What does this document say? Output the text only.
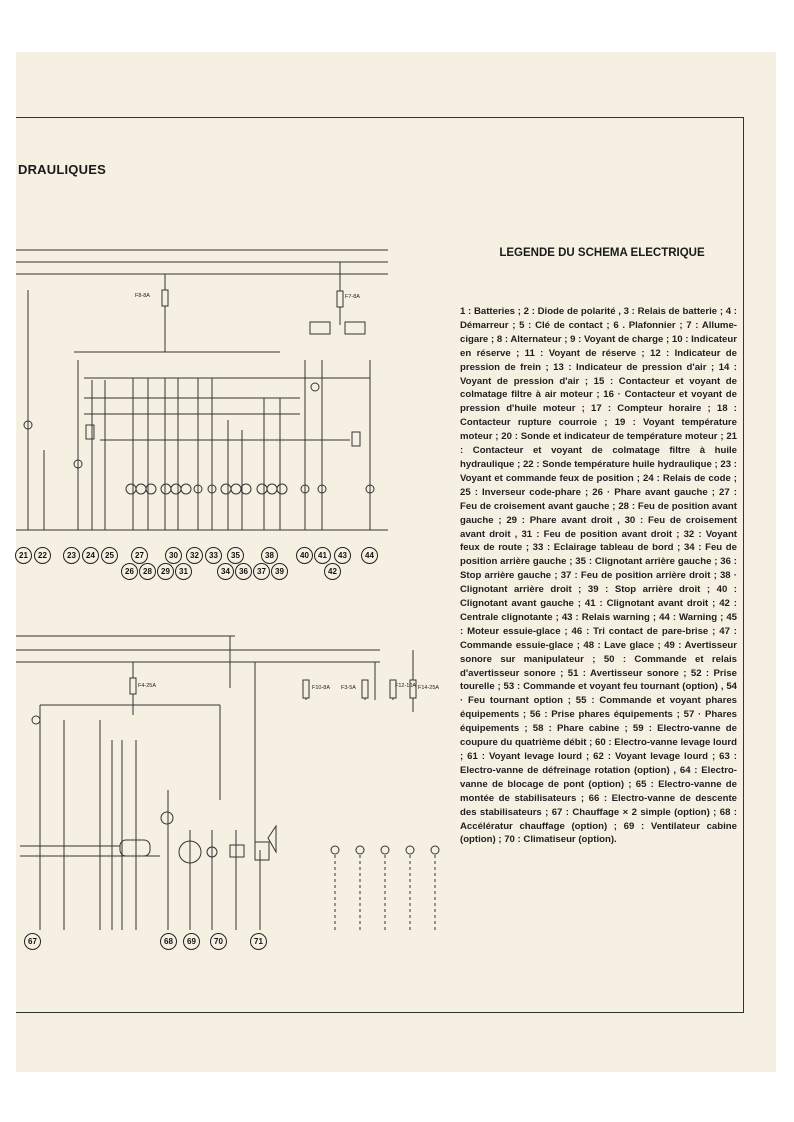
DRAULIQUES
LEGENDE DU SCHEMA ELECTRIQUE
1 : Batteries ; 2 : Diode de polarité , 3 : Relais de batterie ; 4 : Démarreur ; 5 : Clé de contact ; 6 . Plafonnier ; 7 : Allume-cigare ; 8 : Alternateur ; 9 : Voyant de charge ; 10 : Indicateur en réserve ; 11 : Voyant de réserve ; 12 : Indicateur de pression de frein ; 13 : Indicateur de pression d'air ; 14 : Voyant de pression d'air ; 15 : Contacteur et voyant de colmatage filtre à air moteur ; 16 · Contacteur et voyant de pression d'huile moteur ; 17 : Compteur horaire ; 18 : Contacteur rupture courroie ; 19 : Voyant température moteur ; 20 : Sonde et indicateur de température moteur ; 21 : Contacteur et voyant de colmatage filtre à huile hydraulique ; 22 : Sonde température huile hydraulique ; 23 : Voyant et commande feux de position ; 24 : Relais de code ; 25 : Inverseur code-phare ; 26 · Phare avant gauche ; 27 : Feu de croisement avant gauche ; 28 : Feu de position avant gauche ; 29 : Phare avant droit , 30 : Feu de croisement avant droit , 31 : Feu de position avant droit ; 32 : Voyant feux de route ; 33 : Eclairage tableau de bord ; 34 : Feu de position arrière gauche ; 35 : Clignotant arrière gauche ; 36 : Stop arrière gauche ; 37 : Feu de position arrière droit ; 38 · Clignotant arrière droit ; 39 : Stop arrière droit ; 40 : Clignotant avant gauche ; 41 : Clignotant avant droit ; 42 : Centrale clignotante ; 43 : Relais warning ; 44 : Warning ; 45 : Moteur essuie-glace ; 46 : Tri contact de pare-brise ; 47 : Commande essuie-glace ; 48 : Lave glace ; 49 : Avertisseur sonore sur manipulateur ; 50 : Commande et relais d'avertisseur sonore ; 51 : Avertisseur sonore ; 52 : Prise tourelle ; 53 : Commande et voyant feu tournant (option) , 54 · Feu tournant option ; 55 : Commande et voyant phares équipements ; 56 : Prise phares équipements ; 57 · Phares équipements ; 58 : Phare cabine ; 59 : Electro-vanne de coupure du quatrième débit ; 60 : Electro-vanne levage lourd ; 61 : Voyant levage lourd ; 62 : Voyant levage lourd ; 63 : Electro-vanne de défreinage rotation (option) , 64 : Electro-vanne de blocage de pont (option) ; 65 : Electro-vanne de montée de stabilisateurs ; 66 : Electro-vanne de descente des stabilisateurs ; 67 : Chauffage × 2 simple (option) ; 68 : Accélératur chauffage (option) ; 69 : Ventilateur cabine (option) ; 70 : Climatiseur (option).
F8-8A	F7-8A
F4-25A	F10-8A F3-5A	F12-10A F14-25A
21	22	23	24	25	27	30	32	33	35	38	40	41	43	44
26	28	29	31	34	36	37	39	42
67	68	69	70	71
